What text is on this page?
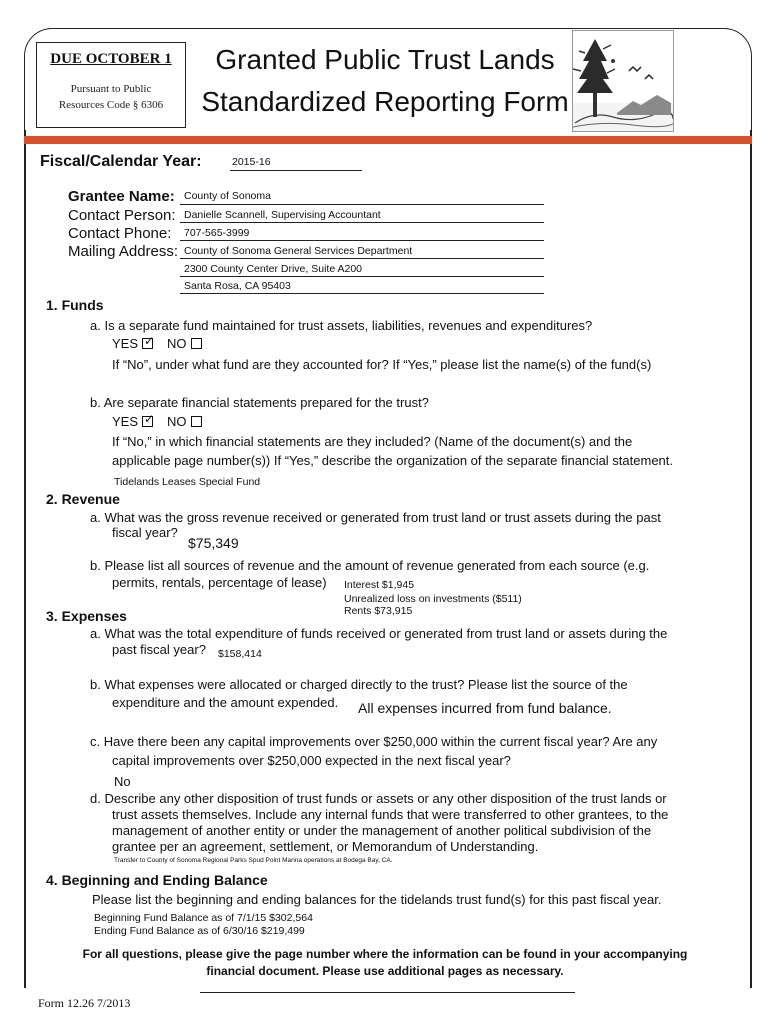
DUE OCTOBER 1
Pursuant to Public
Resources Code § 6306
Granted Public Trust Lands
Standardized Reporting Form
Fiscal/Calendar Year:	2015-16
Grantee Name: County of Sonoma
Contact Person: Danielle Scannell, Supervising Accountant
Contact Phone: 707-565-3999
Mailing Address: County of Sonoma General Services Department
2300 County Center Drive, Suite A200
Santa Rosa, CA 95403
1. Funds
a. Is a separate fund maintained for trust assets, liabilities, revenues and expenditures?
YES ✓ NO
If “No”, under what fund are they accounted for? If “Yes,” please list the name(s) of the fund(s)
b. Are separate financial statements prepared for the trust?
YES ✓ NO
If “No,” in which financial statements are they included? (Name of the document(s) and the
applicable page number(s)) If “Yes,” describe the organization of the separate financial statement.
Tidelands Leases Special Fund
2. Revenue
a. What was the gross revenue received or generated from trust land or trust assets during the past
fiscal year?
$75,349
b. Please list all sources of revenue and the amount of revenue generated from each source (e.g.
permits, rentals, percentage of lease) Interest $1,945
Unrealized loss on investments ($511)
Rents $73,915
3. Expenses
a. What was the total expenditure of funds received or generated from trust land or assets during the
past fiscal year? $158,414
b. What expenses were allocated or charged directly to the trust? Please list the source of the
expenditure and the amount expended. All expenses incurred from fund balance.
c. Have there been any capital improvements over $250,000 within the current fiscal year? Are any
capital improvements over $250,000 expected in the next fiscal year?
No
d. Describe any other disposition of trust funds or assets or any other disposition of the trust lands or
trust assets themselves. Include any internal funds that were transferred to other grantees, to the
management of another entity or under the management of another political subdivision of the
grantee per an agreement, settlement, or Memorandum of Understanding.
Transfer to County of Sonoma Regional Parks Spud Point Marina operations at Bodega Bay, CA.
4. Beginning and Ending Balance
Please list the beginning and ending balances for the tidelands trust fund(s) for this past fiscal year.
Beginning Fund Balance as of 7/1/15 $302,564
Ending Fund Balance as of 6/30/16 $219,499
For all questions, please give the page number where the information can be found in your accompanying
financial document. Please use additional pages as necessary.
Form 12.26 7/2013
